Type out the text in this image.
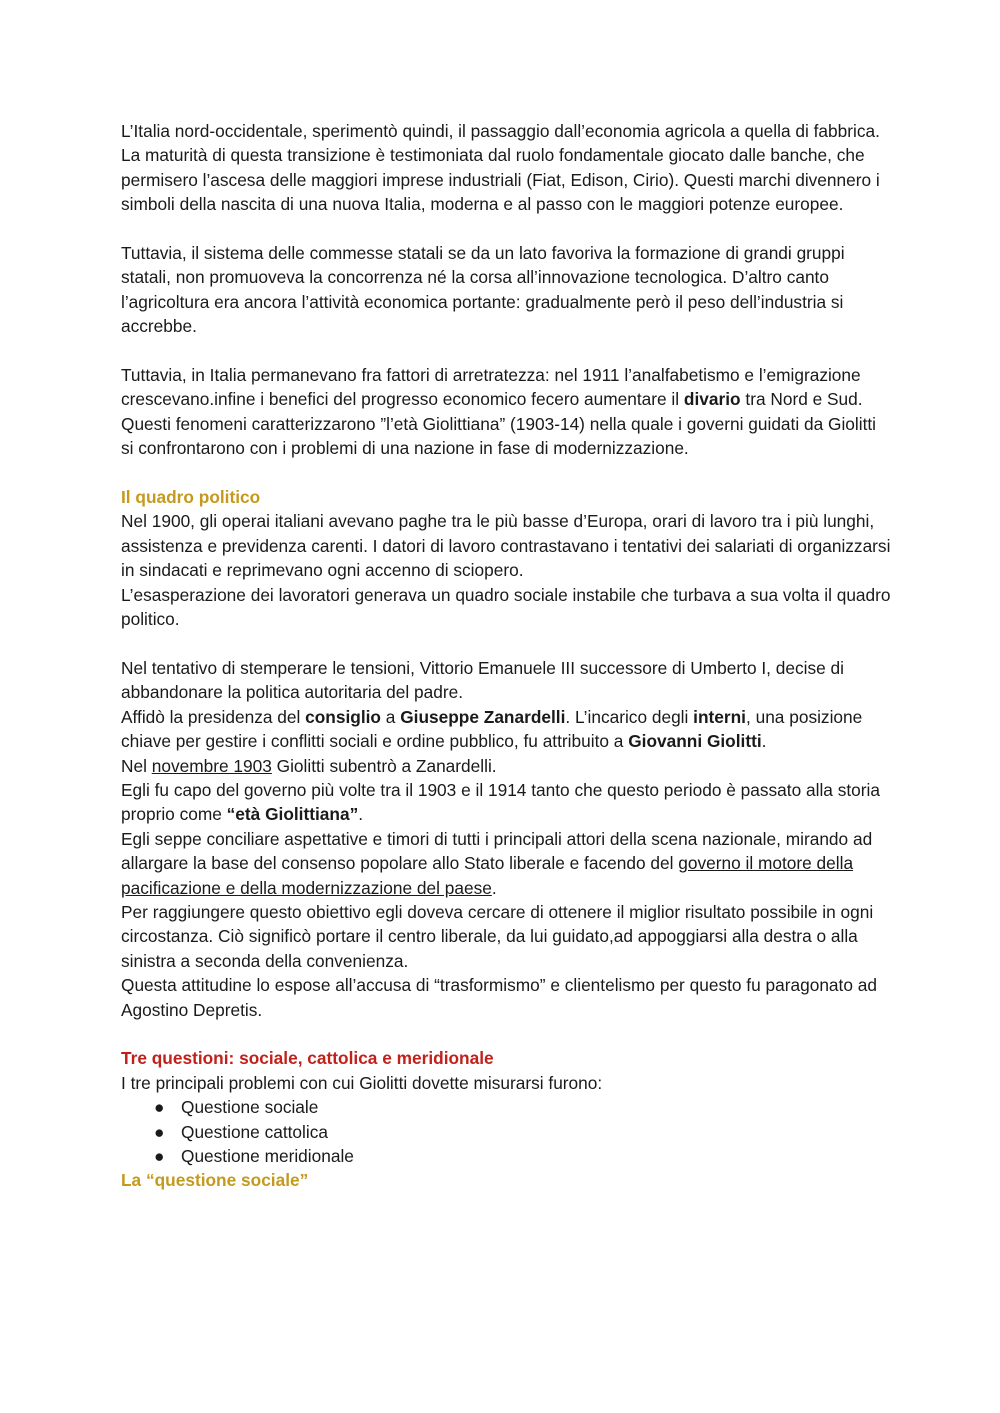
L’Italia nord-occidentale, sperimentò quindi, il passaggio dall’economia agricola a quella di fabbrica. La maturità di questa transizione è testimoniata dal ruolo fondamentale giocato dalle banche, che permisero l’ascesa delle maggiori imprese industriali (Fiat, Edison, Cirio). Questi marchi divennero i simboli della nascita di una nuova Italia, moderna e al passo con le maggiori potenze europee.

Tuttavia, il sistema delle commesse statali se da un lato favoriva la formazione di grandi gruppi statali, non promuoveva la concorrenza né la corsa all’innovazione tecnologica. D’altro canto l’agricoltura era ancora l’attività economica portante: gradualmente però il peso dell’industria si accrebbe.

Tuttavia, in Italia permanevano fra fattori di arretratezza: nel 1911 l’analfabetismo e l’emigrazione crescevano.infine i benefici del progresso economico fecero aumentare il divario tra Nord e Sud.

Questi fenomeni caratterizzarono ”l’età Giolittiana” (1903-14) nella quale i governi guidati da Giolitti si confrontarono con i problemi di una nazione in fase di modernizzazione.

Il quadro politico

Nel 1900, gli operai italiani avevano paghe tra le più basse d’Europa, orari di lavoro tra i più lunghi, assistenza e previdenza carenti. I datori di lavoro contrastavano i tentativi dei salariati di organizzarsi in sindacati e reprimevano ogni accenno di sciopero.

L’esasperazione dei lavoratori generava un quadro sociale instabile che turbava a sua volta il quadro politico.

Nel tentativo di stemperare le tensioni, Vittorio Emanuele III successore di Umberto I, decise di abbandonare la politica autoritaria del padre.

Affidò la presidenza del consiglio a Giuseppe Zanardelli. L’incarico degli interni, una posizione chiave per gestire i conflitti sociali e ordine pubblico, fu attribuito a Giovanni Giolitti.

Nel novembre 1903 Giolitti subentrò a Zanardelli.

Egli fu capo del governo più volte tra il 1903 e il 1914 tanto che questo periodo è passato alla storia proprio come “età Giolittiana”.

Egli seppe conciliare aspettative e timori di tutti i principali attori della scena nazionale, mirando ad allargare la base del consenso popolare allo Stato liberale e facendo del governo il motore della pacificazione e della modernizzazione del paese.

Per raggiungere questo obiettivo egli doveva cercare di ottenere il miglior risultato possibile in ogni circostanza. Ciò significò portare il centro liberale, da lui guidato,ad appoggiarsi alla destra o alla sinistra a seconda della convenienza.

Questa attitudine lo espose all’accusa di “trasformismo” e clientelismo per questo fu paragonato ad Agostino Depretis.

Tre questioni: sociale, cattolica e meridionale

I tre principali problemi con cui Giolitti dovette misurarsi furono:

● Questione sociale
● Questione cattolica
● Questione meridionale

La “questione sociale”
